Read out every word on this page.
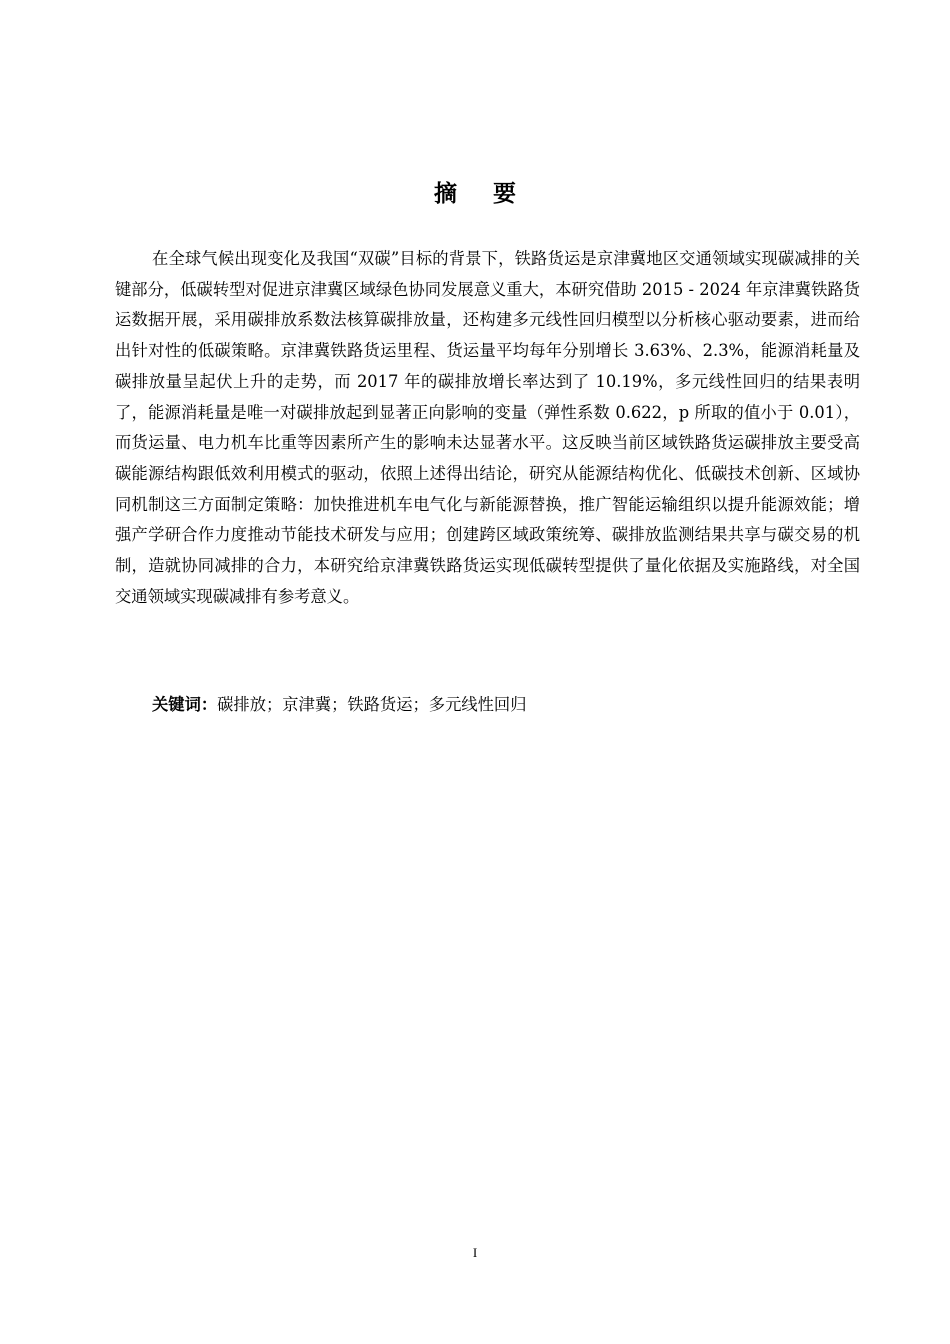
摘要

在全球气候出现变化及我国“双碳”目标的背景下，铁路货运是京津冀地区交通领域实现碳减排的关键部分，低碳转型对促进京津冀区域绿色协同发展意义重大，本研究借助 2015 - 2024 年京津冀铁路货运数据开展，采用碳排放系数法核算碳排放量，还构建多元线性回归模型以分析核心驱动要素，进而给出针对性的低碳策略。京津冀铁路货运里程、货运量平均每年分别增长 3.63%、2.3%，能源消耗量及碳排放量呈起伏上升的走势，而 2017 年的碳排放增长率达到了 10.19%，多元线性回归的结果表明了，能源消耗量是唯一对碳排放起到显著正向影响的变量（弹性系数 0.622，p 所取的值小于 0.01），而货运量、电力机车比重等因素所产生的影响未达显著水平。这反映当前区域铁路货运碳排放主要受高碳能源结构跟低效利用模式的驱动，依照上述得出结论，研究从能源结构优化、低碳技术创新、区域协同机制这三方面制定策略：加快推进机车电气化与新能源替换，推广智能运输组织以提升能源效能；增强产学研合作力度推动节能技术研发与应用；创建跨区域政策统筹、碳排放监测结果共享与碳交易的机制，造就协同减排的合力，本研究给京津冀铁路货运实现低碳转型提供了量化依据及实施路线，对全国交通领域实现碳减排有参考意义。

关键词：碳排放；京津冀；铁路货运；多元线性回归

I
